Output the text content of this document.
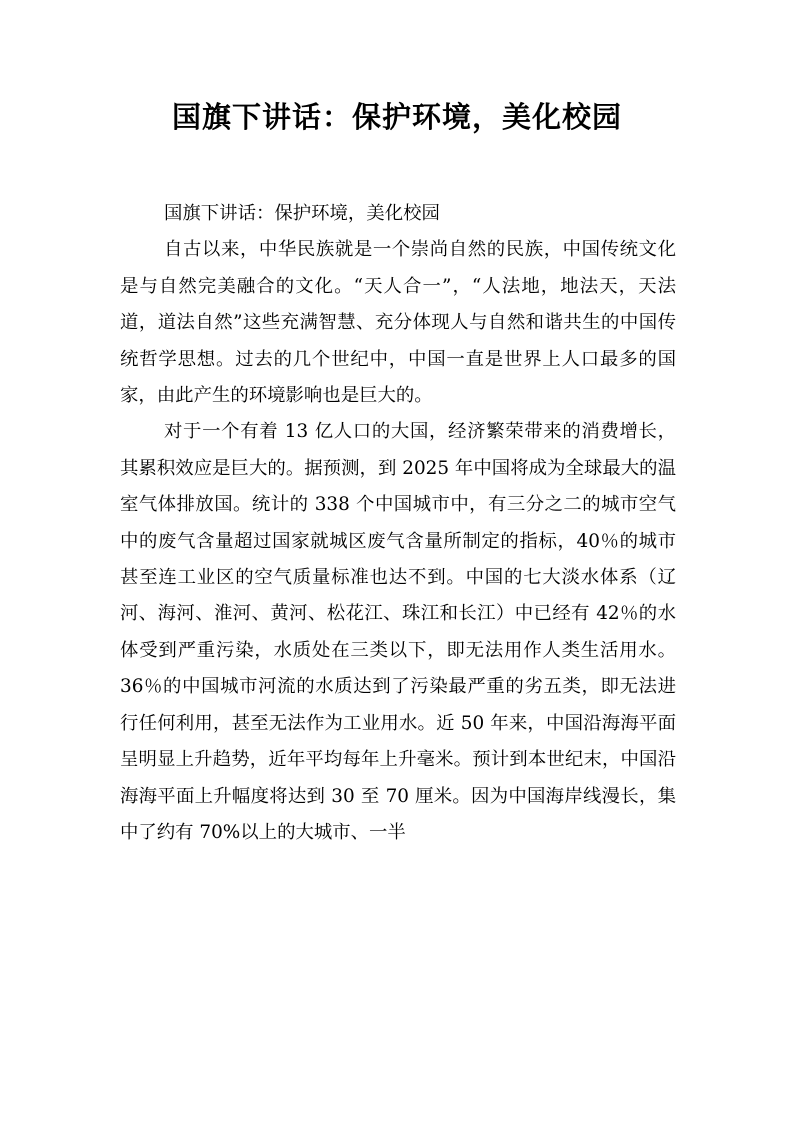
国旗下讲话：保护环境，美化校园

国旗下讲话：保护环境，美化校园

自古以来，中华民族就是一个崇尚自然的民族，中国传统文化是与自然完美融合的文化。“天人合一”，“人法地，地法天，天法道，道法自然”这些充满智慧、充分体现人与自然和谐共生的中国传统哲学思想。过去的几个世纪中，中国一直是世界上人口最多的国家，由此产生的环境影响也是巨大的。

对于一个有着 13 亿人口的大国，经济繁荣带来的消费增长，其累积效应是巨大的。据预测，到 2025 年中国将成为全球最大的温室气体排放国。统计的 338 个中国城市中，有三分之二的城市空气中的废气含量超过国家就城区废气含量所制定的指标，40％的城市甚至连工业区的空气质量标准也达不到。中国的七大淡水体系（辽河、海河、淮河、黄河、松花江、珠江和长江）中已经有 42％的水体受到严重污染，水质处在三类以下，即无法用作人类生活用水。36％的中国城市河流的水质达到了污染最严重的劣五类，即无法进行任何利用，甚至无法作为工业用水。近 50 年来，中国沿海海平面呈明显上升趋势，近年平均每年上升毫米。预计到本世纪末，中国沿海海平面上升幅度将达到 30 至 70 厘米。因为中国海岸线漫长，集中了约有 70%以上的大城市、一半
